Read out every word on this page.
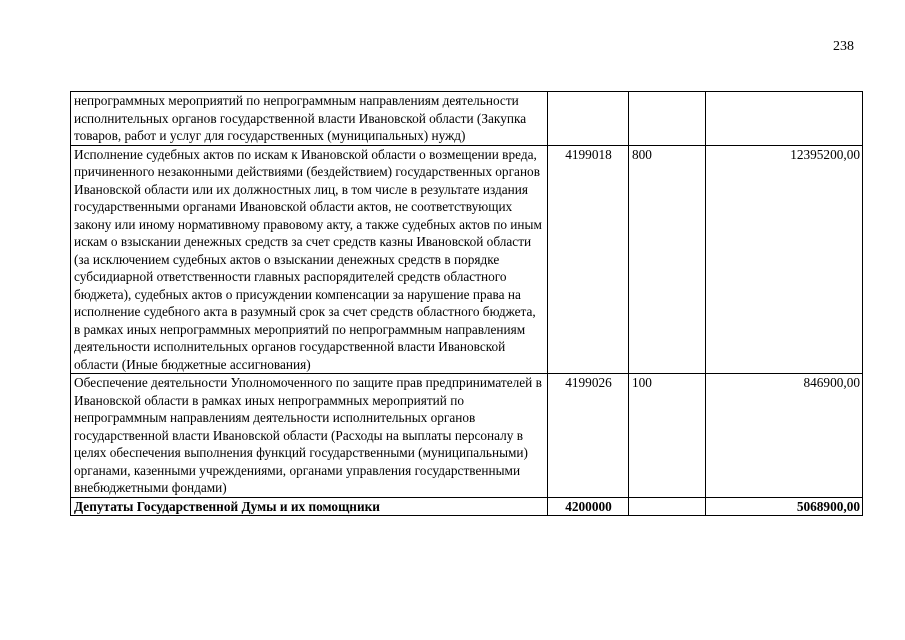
238
непрограммных мероприятий по непрограммным направлениям деятельности исполнительных органов государственной власти Ивановской области (Закупка товаров, работ и услуг для государственных (муниципальных) нужд)			
Исполнение судебных актов по искам к Ивановской области о возмещении вреда, причиненного незаконными действиями (бездействием) государственных органов Ивановской области или их должностных лиц, в том числе в результате издания государственными органами Ивановской области актов, не соответствующих закону или иному нормативному правовому акту, а также судебных актов по иным искам о взыскании денежных средств за счет средств казны Ивановской области (за исключением судебных актов о взыскании денежных средств в порядке субсидиарной ответственности главных распорядителей средств областного бюджета), судебных актов о присуждении компенсации за нарушение права на исполнение судебного акта в разумный срок за счет средств областного бюджета, в рамках иных непрограммных мероприятий по непрограммным направлениям деятельности исполнительных органов государственной власти Ивановской области (Иные бюджетные ассигнования)	4199018	800	12395200,00
Обеспечение деятельности Уполномоченного по защите прав предпринимателей в Ивановской области в рамках иных непрограммных мероприятий по непрограммным направлениям деятельности исполнительных органов государственной власти Ивановской области (Расходы на выплаты персоналу в целях обеспечения выполнения функций государственными (муниципальными) органами, казенными учреждениями, органами управления государственными внебюджетными фондами)	4199026	100	846900,00
Депутаты Государственной Думы и их помощники	4200000		5068900,00
